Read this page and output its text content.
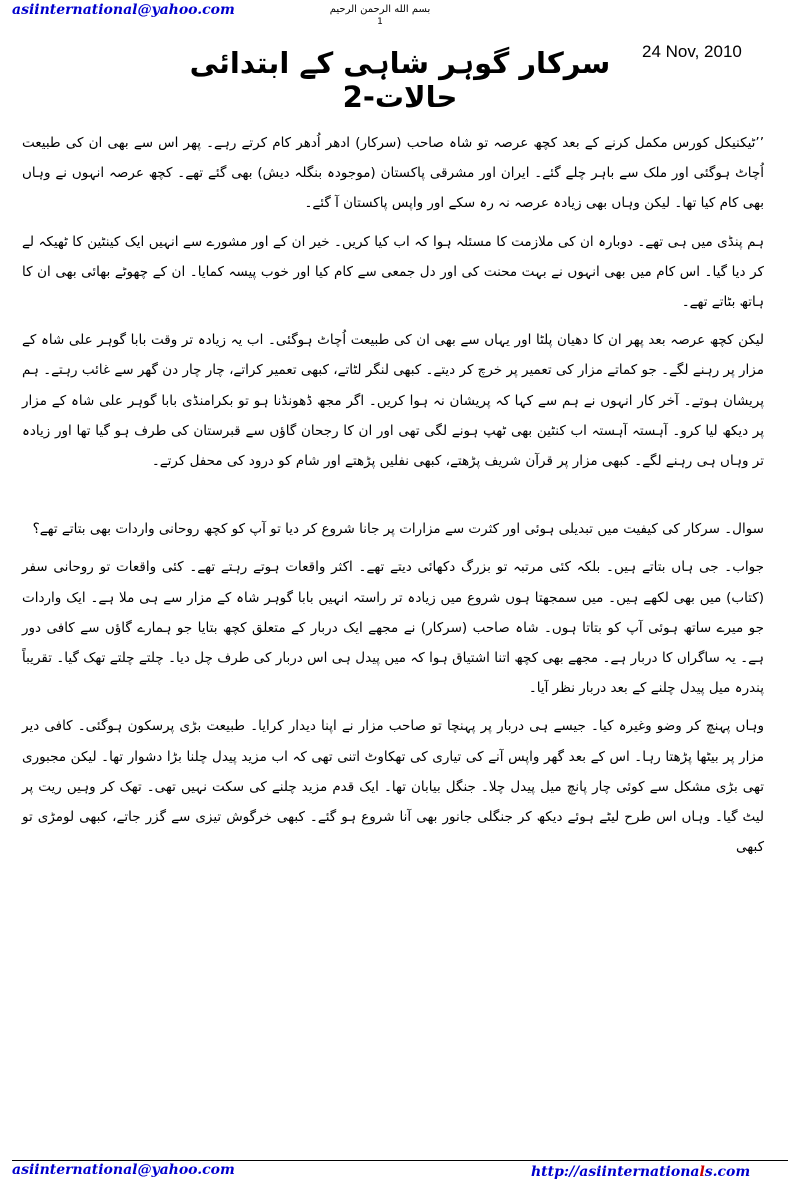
asiinternational@yahoo.com	بسم الله الرحمن الرحیم
1
24 Nov, 2010
سرکار گوہر شاہی کے ابتدائی حالات-2

’’ٹیکنیکل کورس مکمل کرنے کے بعد کچھ عرصہ تو شاہ صاحب (سرکار) ادھر اُدھر کام کرتے رہے۔ پھر اس سے بھی ان کی طبیعت اُچاٹ ہوگئی اور ملک سے باہر چلے گئے۔ ایران اور مشرقی پاکستان (موجودہ بنگلہ دیش) بھی گئے تھے۔ کچھ عرصہ انہوں نے وہاں بھی کام کیا تھا۔ لیکن وہاں بھی زیادہ عرصہ نہ رہ سکے اور واپس پاکستان آ گئے۔

ہم پنڈی میں ہی تھے۔ دوبارہ ان کی ملازمت کا مسئلہ ہوا کہ اب کیا کریں۔ خیر ان کے اور مشورے سے انہیں ایک کینٹین کا ٹھیکہ لے کر دیا گیا۔ اس کام میں بھی انہوں نے بہت محنت کی اور دل جمعی سے کام کیا اور خوب پیسہ کمایا۔ ان کے چھوٹے بھائی بھی ان کا ہاتھ بٹاتے تھے۔

لیکن کچھ عرصہ بعد پھر ان کا دھیان پلٹا اور یہاں سے بھی ان کی طبیعت اُچاٹ ہوگئی۔ اب یہ زیادہ تر وقت بابا گوہر علی شاہ کے مزار پر رہنے لگے۔ جو کماتے مزار کی تعمیر پر خرچ کر دیتے۔ کبھی لنگر لٹاتے، کبھی تعمیر کراتے، چار چار دن گھر سے غائب رہتے۔ ہم پریشان ہوتے۔ آخر کار انہوں نے ہم سے کہا کہ پریشان نہ ہوا کریں۔ اگر مجھ ڈھونڈنا ہو تو بکرامنڈی بابا گوہر علی شاہ کے مزار پر دیکھ لیا کرو۔ آہستہ آہستہ اب کنٹین بھی ٹھپ ہونے لگی تھی اور ان کا رجحان گاؤں سے قبرستان کی طرف ہو گیا تھا اور زیادہ تر وہاں ہی رہنے لگے۔ کبھی مزار پر قرآن شریف پڑھتے، کبھی نفلیں پڑھتے اور شام کو درود کی محفل کرتے۔

سوال۔ سرکار کی کیفیت میں تبدیلی ہوئی اور کثرت سے مزارات پر جانا شروع کر دیا تو آپ کو کچھ روحانی واردات بھی بتاتے تھے؟

جواب۔ جی ہاں بتاتے ہیں۔ بلکہ کئی مرتبہ تو بزرگ دکھائی دیتے تھے۔ اکثر واقعات ہوتے رہتے تھے۔ کئی واقعات تو روحانی سفر (کتاب) میں بھی لکھے ہیں۔ میں سمجھتا ہوں شروع میں زیادہ تر راستہ انہیں بابا گوہر شاہ کے مزار سے ہی ملا ہے۔ ایک واردات جو میرے ساتھ ہوئی آپ کو بتاتا ہوں۔ شاہ صاحب (سرکار) نے مجھے ایک دربار کے متعلق کچھ بتایا جو ہمارے گاؤں سے کافی دور ہے۔ یہ ساگراں کا دربار ہے۔ مجھے بھی کچھ اتنا اشتیاق ہوا کہ میں پیدل ہی اس دربار کی طرف چل دیا۔ چلتے چلتے تھک گیا۔ تقریباً پندرہ میل پیدل چلنے کے بعد دربار نظر آیا۔

وہاں پہنچ کر وضو وغیرہ کیا۔ جیسے ہی دربار پر پہنچا تو صاحب مزار نے اپنا دیدار کرایا۔ طبیعت بڑی پرسکون ہوگئی۔ کافی دیر مزار پر بیٹھا پڑھتا رہا۔ اس کے بعد گھر واپس آنے کی تیاری کی تھکاوٹ اتنی تھی کہ اب مزید پیدل چلنا بڑا دشوار تھا۔ لیکن مجبوری تھی بڑی مشکل سے کوئی چار پانچ میل پیدل چلا۔ جنگل بیابان تھا۔ ایک قدم مزید چلنے کی سکت نہیں تھی۔ تھک کر وہیں ریت پر لیٹ گیا۔ وہاں اس طرح لیٹے ہوئے دیکھ کر جنگلی جانور بھی آنا شروع ہو گئے۔ کبھی خرگوش تیزی سے گزر جاتے، کبھی لومڑی تو کبھی

asiinternational@yahoo.com	http://asiinternationals.com
